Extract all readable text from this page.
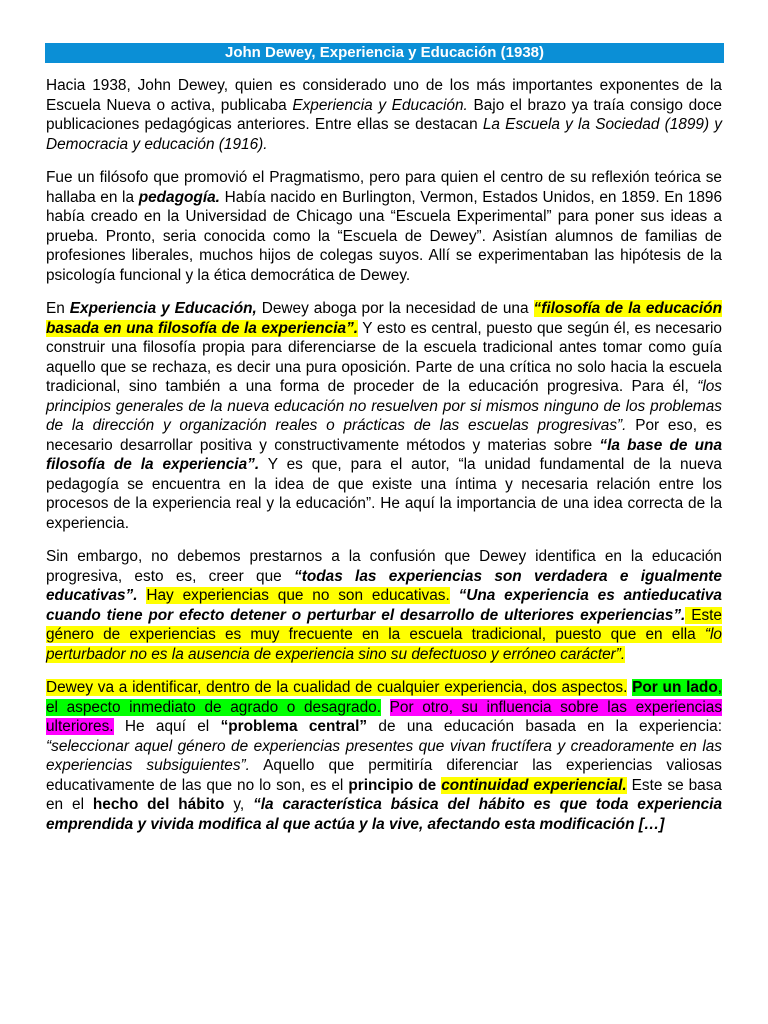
John Dewey, Experiencia y Educación (1938)

Hacia 1938, John Dewey, quien es considerado uno de los más importantes exponentes de la Escuela Nueva o activa, publicaba Experiencia y Educación. Bajo el brazo ya traía consigo doce publicaciones pedagógicas anteriores. Entre ellas se destacan La Escuela y la Sociedad (1899) y Democracia y educación (1916).

Fue un filósofo que promovió el Pragmatismo, pero para quien el centro de su reflexión teórica se hallaba en la pedagogía. Había nacido en Burlington, Vermon, Estados Unidos, en 1859. En 1896 había creado en la Universidad de Chicago una “Escuela Experimental” para poner sus ideas a prueba. Pronto, seria conocida como la “Escuela de Dewey”. Asistían alumnos de familias de profesiones liberales, muchos hijos de colegas suyos. Allí se experimentaban las hipótesis de la psicología funcional y la ética democrática de Dewey.

En Experiencia y Educación, Dewey aboga por la necesidad de una “filosofía de la educación basada en una filosofía de la experiencia”. Y esto es central, puesto que según él, es necesario construir una filosofía propia para diferenciarse de la escuela tradicional antes tomar como guía aquello que se rechaza, es decir una pura oposición. Parte de una crítica no solo hacia la escuela tradicional, sino también a una forma de proceder de la educación progresiva. Para él, “los principios generales de la nueva educación no resuelven por si mismos ninguno de los problemas de la dirección y organización reales o prácticas de las escuelas progresivas”. Por eso, es necesario desarrollar positiva y constructivamente métodos y materias sobre “la base de una filosofía de la experiencia”. Y es que, para el autor, “la unidad fundamental de la nueva pedagogía se encuentra en la idea de que existe una íntima y necesaria relación entre los procesos de la experiencia real y la educación”. He aquí la importancia de una idea correcta de la experiencia.

Sin embargo, no debemos prestarnos a la confusión que Dewey identifica en la educación progresiva, esto es, creer que “todas las experiencias son verdadera e igualmente educativas”. Hay experiencias que no son educativas. “Una experiencia es antieducativa cuando tiene por efecto detener o perturbar el desarrollo de ulteriores experiencias”. Este género de experiencias es muy frecuente en la escuela tradicional, puesto que en ella “lo perturbador no es la ausencia de experiencia sino su defectuoso y erróneo carácter”.

Dewey va a identificar, dentro de la cualidad de cualquier experiencia, dos aspectos. Por un lado, el aspecto inmediato de agrado o desagrado. Por otro, su influencia sobre las experiencias ulteriores. He aquí el “problema central” de una educación basada en la experiencia: “seleccionar aquel género de experiencias presentes que vivan fructífera y creadoramente en las experiencias subsiguientes”. Aquello que permitiría diferenciar las experiencias valiosas educativamente de las que no lo son, es el principio de continuidad experiencial. Este se basa en el hecho del hábito y, “la característica básica del hábito es que toda experiencia emprendida y vivida modifica al que actúa y la vive, afectando esta modificación […]
